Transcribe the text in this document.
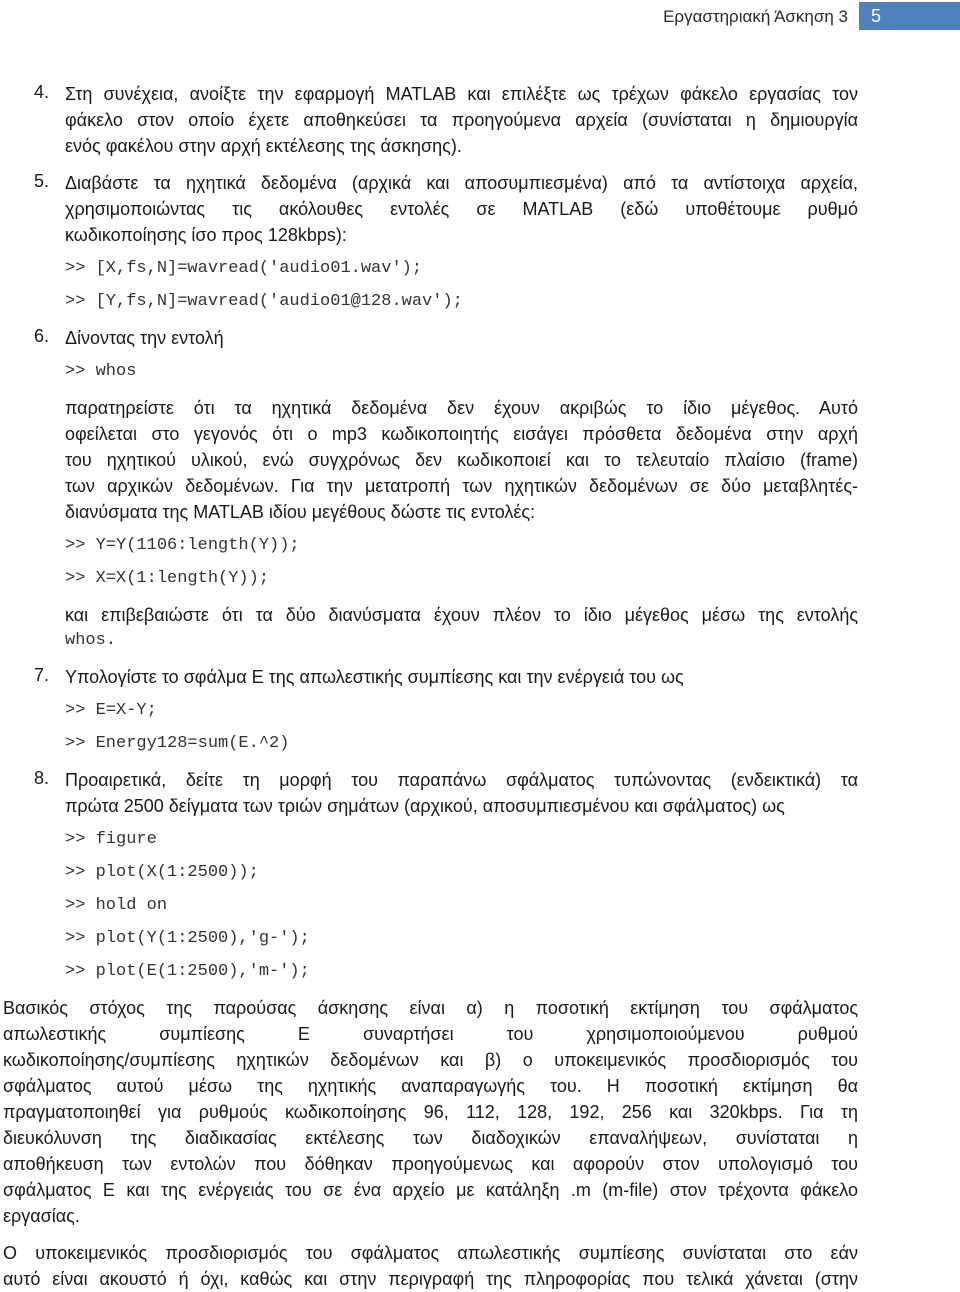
Εργαστηριακή Άσκηση 3	5
4. Στη συνέχεια, ανοίξτε την εφαρμογή MATLAB και επιλέξτε ως τρέχων φάκελο εργασίας τον
φάκελο στον οποίο έχετε αποθηκεύσει τα προηγούμενα αρχεία (συνίσταται η δημιουργία
ενός φακέλου στην αρχή εκτέλεσης της άσκησης).
5. Διαβάστε τα ηχητικά δεδομένα (αρχικά και αποσυμπιεσμένα) από τα αντίστοιχα αρχεία,
χρησιμοποιώντας τις ακόλουθες εντολές σε MATLAB (εδώ υποθέτουμε ρυθμό
κωδικοποίησης ίσο προς 128kbps):
>> [X,fs,N]=wavread('audio01.wav');
>> [Y,fs,N]=wavread('audio01@128.wav');
6. Δίνοντας την εντολή
>> whos
παρατηρείστε ότι τα ηχητικά δεδομένα δεν έχουν ακριβώς το ίδιο μέγεθος. Αυτό
οφείλεται στο γεγονός ότι ο mp3 κωδικοποιητής εισάγει πρόσθετα δεδομένα στην αρχή
του ηχητικού υλικού, ενώ συγχρόνως δεν κωδικοποιεί και το τελευταίο πλαίσιο (frame)
των αρχικών δεδομένων. Για την μετατροπή των ηχητικών δεδομένων σε δύο μεταβλητές-
διανύσματα της MATLAB ιδίου μεγέθους δώστε τις εντολές:
>> Y=Y(1106:length(Y));
>> X=X(1:length(Y));
και επιβεβαιώστε ότι τα δύο διανύσματα έχουν πλέον το ίδιο μέγεθος μέσω της εντολής
whos.
7. Υπολογίστε το σφάλμα E της απωλεστικής συμπίεσης και την ενέργειά του ως
>> E=X-Y;
>> Energy128=sum(E.^2)
8. Προαιρετικά, δείτε τη μορφή του παραπάνω σφάλματος τυπώνοντας (ενδεικτικά) τα
πρώτα 2500 δείγματα των τριών σημάτων (αρχικού, αποσυμπιεσμένου και σφάλματος) ως
>> figure
>> plot(X(1:2500));
>> hold on
>> plot(Y(1:2500),'g-');
>> plot(E(1:2500),'m-');
Βασικός στόχος της παρούσας άσκησης είναι α) η ποσοτική εκτίμηση του σφάλματος
απωλεστικής συμπίεσης E συναρτήσει του χρησιμοποιούμενου ρυθμού
κωδικοποίησης/συμπίεσης ηχητικών δεδομένων και β) ο υποκειμενικός προσδιορισμός του
σφάλματος αυτού μέσω της ηχητικής αναπαραγωγής του. Η ποσοτική εκτίμηση θα
πραγματοποιηθεί για ρυθμούς κωδικοποίησης 96, 112, 128, 192, 256 και 320kbps. Για τη
διευκόλυνση της διαδικασίας εκτέλεσης των διαδοχικών επαναλήψεων, συνίσταται η
αποθήκευση των εντολών που δόθηκαν προηγούμενως και αφορούν στον υπολογισμό του
σφάλματος E και της ενέργειάς του σε ένα αρχείο με κατάληξη .m (m-file) στον τρέχοντα φάκελο
εργασίας.
Ο υποκειμενικός προσδιορισμός του σφάλματος απωλεστικής συμπίεσης συνίσταται στο εάν
αυτό είναι ακουστό ή όχι, καθώς και στην περιγραφή της πληροφορίας που τελικά χάνεται (στην
